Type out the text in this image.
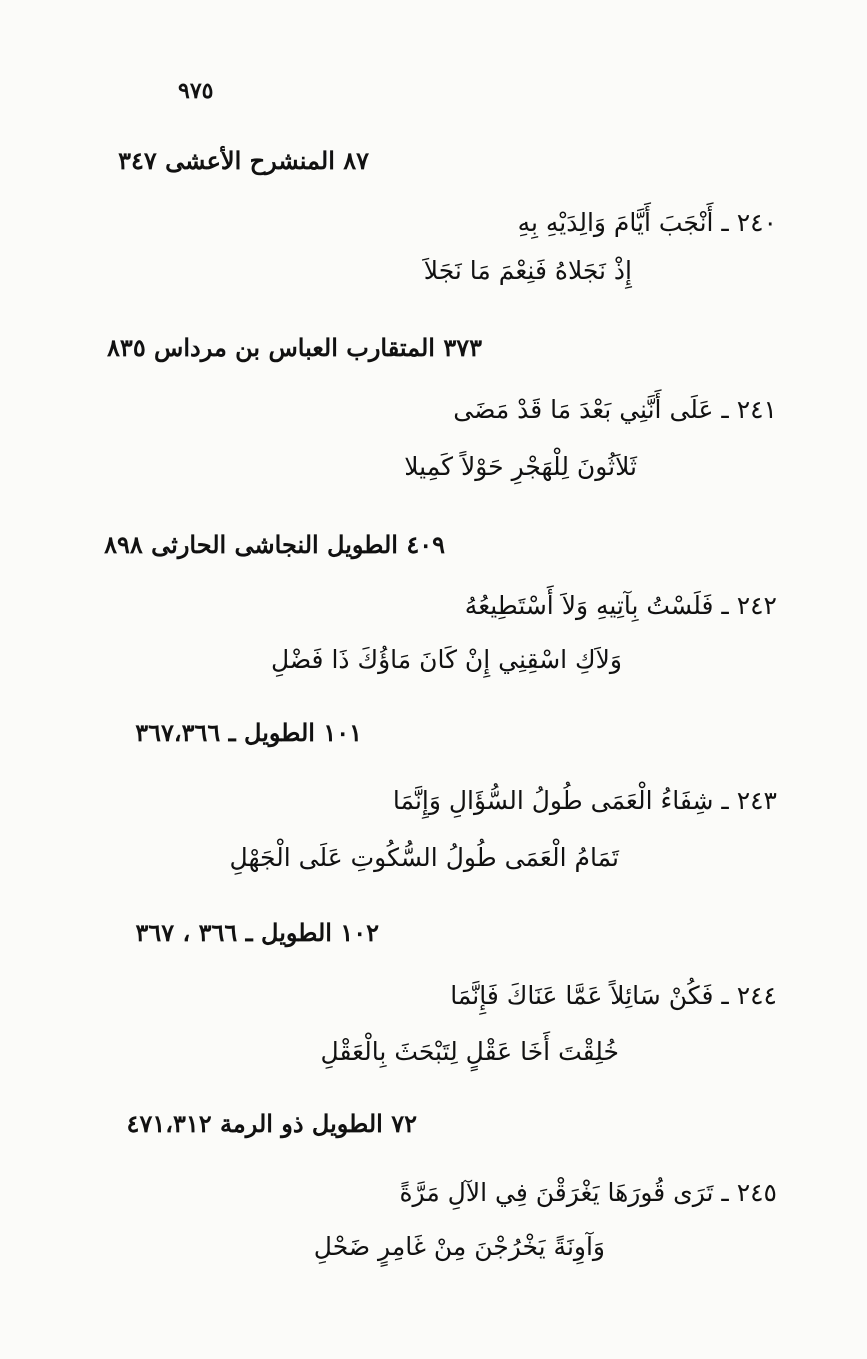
٩٧٥
٨٧ المنشرح الأعشى ٣٤٧
٢٤٠ ـ أَنْجَبَ أَيَّامَ وَالِدَيْهِ بِهِ
إِذْ نَجَلاهُ فَنِعْمَ مَا نَجَلاَ
٣٧٣ المتقارب العباس بن مرداس ٨٣٥
٢٤١ ـ عَلَى أَنَّنِي بَعْدَ مَا قَدْ مَضَى
ثَلاَثُونَ لِلْهَجْرِ حَوْلاً كَمِيلا
٤٠٩ الطويل النجاشى الحارثى ٨٩٨
٢٤٢ ـ فَلَسْتُ بِآتِيهِ وَلاَ أَسْتَطِيعُهُ
وَلاَكِ اسْقِنِي إِنْ كَانَ مَاؤُكَ ذَا فَضْلِ
١٠١ الطويل ـ ٣٦٧،٣٦٦
٢٤٣ ـ شِفَاءُ الْعَمَى طُولُ السُّؤَالِ وَإِنَّمَا
تَمَامُ الْعَمَى طُولُ السُّكُوتِ عَلَى الْجَهْلِ
١٠٢ الطويل ـ ٣٦٦ ، ٣٦٧
٢٤٤ ـ فَكُنْ سَائِلاً عَمَّا عَنَاكَ فَإِنَّمَا
خُلِقْتَ أَخَا عَقْلٍ لِتَبْحَثَ بِالْعَقْلِ
٧٢ الطويل ذو الرمة ٤٧١،٣١٢
٢٤٥ ـ تَرَى قُورَهَا يَغْرَقْنَ فِي الآلِ مَرَّةً
وَآوِنَةً يَخْرُجْنَ مِنْ غَامِرٍ ضَحْلِ
